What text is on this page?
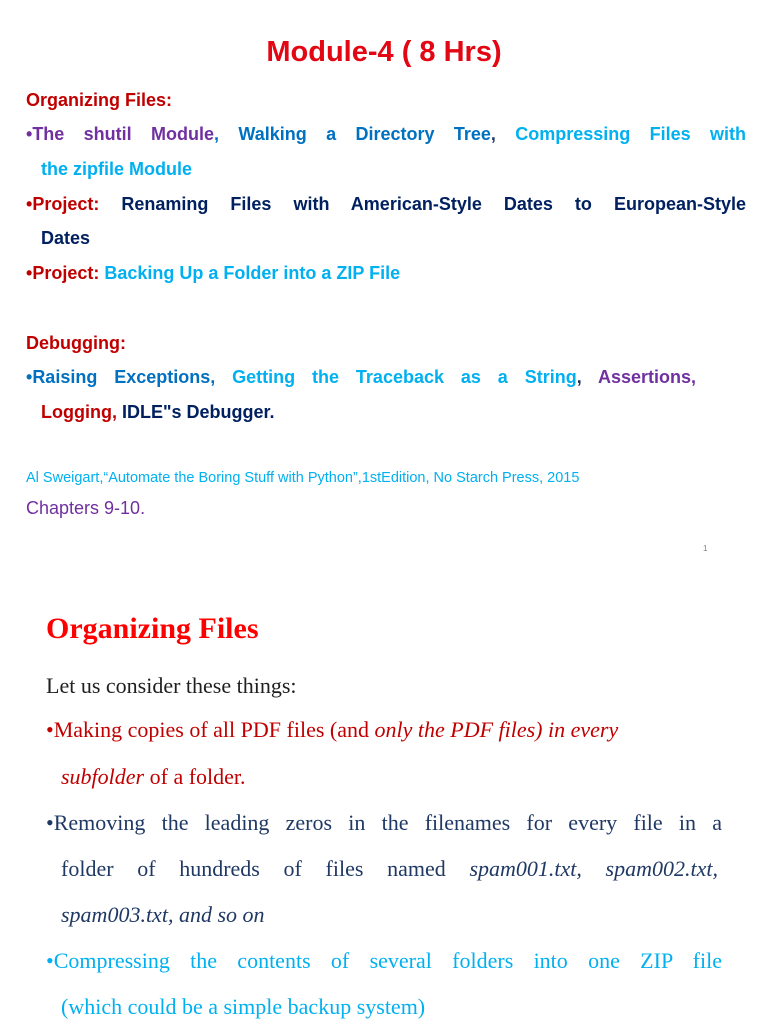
Module-4 ( 8 Hrs)
Organizing Files:
•The shutil Module, Walking a Directory Tree, Compressing Files with
the zipfile Module
•Project: Renaming Files with American-Style Dates to European-Style
Dates
•Project: Backing Up a Folder into a ZIP File
Debugging:
•Raising Exceptions, Getting the Traceback as a String, Assertions,
Logging, IDLE"s Debugger.
Al Sweigart,“Automate the Boring Stuff with Python”,1stEdition, No Starch Press, 2015
Chapters 9-10.
1
Organizing Files
Let us consider these things:
•Making copies of all PDF files (and only the PDF files) in every
subfolder of a folder.
•Removing the leading zeros in the filenames for every file in a
folder of hundreds of files named spam001.txt, spam002.txt,
spam003.txt, and so on
•Compressing the contents of several folders into one ZIP file
(which could be a simple backup system)
